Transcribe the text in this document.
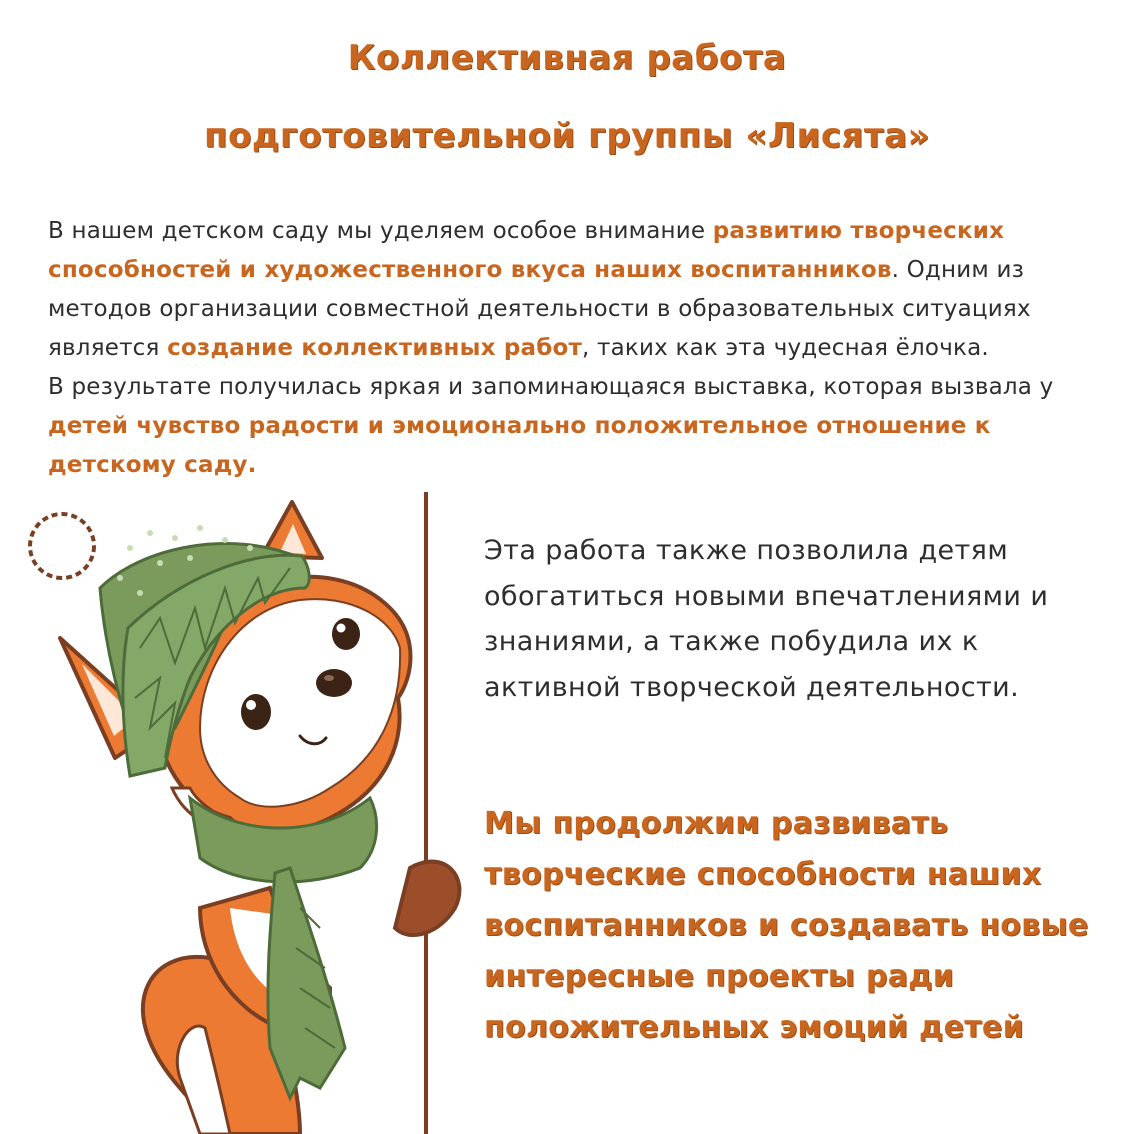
Коллективная работа
подготовительной группы «Лисята»
В нашем детском саду мы уделяем особое внимание развитию творческих способностей и художественного вкуса наших воспитанников. Одним из методов организации совместной деятельности в образовательных ситуациях является создание коллективных работ, таких как эта чудесная ёлочка.
В результате получилась яркая и запоминающаяся выставка, которая вызвала у детей чувство радости и эмоционально положительное отношение к детскому саду.
Эта работа также позволила детям обогатиться новыми впечатлениями и знаниями, а также побудила их к активной творческой деятельности.
Мы продолжим развивать творческие способности наших воспитанников и создавать новые интересные проекты ради положительных эмоций детей
